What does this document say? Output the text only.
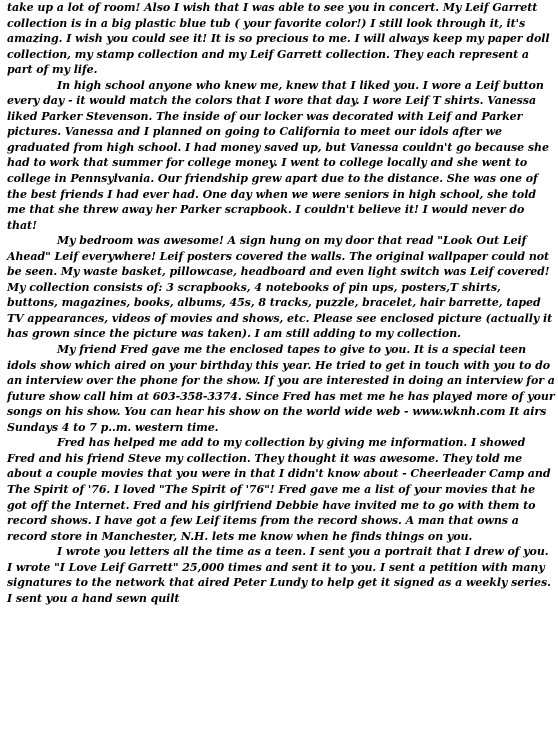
take up a lot of room! Also I wish that I was able to see you in concert. My Leif Garrett collection is in a big plastic blue tub ( your favorite color!) I still look through it, it's amazing. I wish you could see it! It is so precious to me. I will always keep my paper doll collection, my stamp collection and my Leif Garrett collection. They each represent a part of my life.

In high school anyone who knew me, knew that I liked you. I wore a Leif button every day - it would match the colors that I wore that day. I wore Leif T shirts. Vanessa liked Parker Stevenson. The inside of our locker was decorated with Leif and Parker pictures. Vanessa and I planned on going to California to meet our idols after we graduated from high school. I had money saved up, but Vanessa couldn't go because she had to work that summer for college money. I went to college locally and she went to college in Pennsylvania. Our friendship grew apart due to the distance. She was one of the best friends I had ever had. One day when we were seniors in high school, she told me that she threw away her Parker scrapbook. I couldn't believe it! I would never do that!

My bedroom was awesome! A sign hung on my door that read "Look Out Leif Ahead" Leif everywhere! Leif posters covered the walls. The original wallpaper could not be seen. My waste basket, pillowcase, headboard and even light switch was Leif covered! My collection consists of: 3 scrapbooks, 4 notebooks of pin ups, posters,T shirts, buttons, magazines, books, albums, 45s, 8 tracks, puzzle, bracelet, hair barrette, taped TV appearances, videos of movies and shows, etc. Please see enclosed picture (actually it has grown since the picture was taken). I am still adding to my collection.

My friend Fred gave me the enclosed tapes to give to you. It is a special teen idols show which aired on your birthday this year. He tried to get in touch with you to do an interview over the phone for the show. If you are interested in doing an interview for a future show call him at 603-358-3374. Since Fred has met me he has played more of your songs on his show. You can hear his show on the world wide web - www.wknh.com It airs Sundays 4 to 7 p..m. western time.

Fred has helped me add to my collection by giving me information. I showed Fred and his friend Steve my collection. They thought it was awesome. They told me about a couple movies that you were in that I didn't know about - Cheerleader Camp and The Spirit of '76. I loved "The Spirit of '76"! Fred gave me a list of your movies that he got off the Internet. Fred and his girlfriend Debbie have invited me to go with them to record shows. I have got a few Leif items from the record shows. A man that owns a record store in Manchester, N.H. lets me know when he finds things on you.

I wrote you letters all the time as a teen. I sent you a portrait that I drew of you. I wrote "I Love Leif Garrett" 25,000 times and sent it to you. I sent a petition with many signatures to the network that aired Peter Lundy to help get it signed as a weekly series. I sent you a hand sewn quilt
